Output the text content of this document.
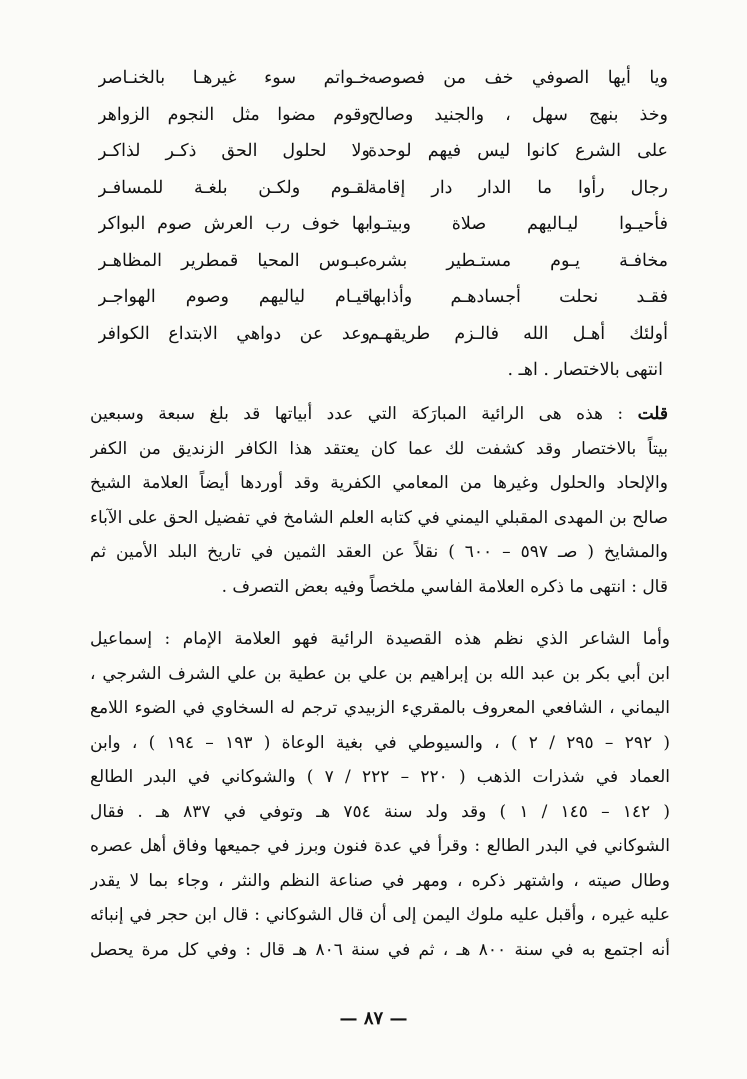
ويا أيها الصوفي خف من فصوصه
وخذ بنهج سهل ، والجنيد وصالح
على الشرع كانوا ليس فيهم لوحدة
رجال رأوا ما الدار دار إقامة
فأحيـوا ليـاليهم صلاة وبيتـوا
مخافـة يـوم مستـطير بشره
فقـد نحلت أجسادهـم وأذابها
أولئك أهـل الله فالـزم طريقهـم
خـواتم سوء غيرهـا بالخنـاصر
وقوم مضوا مثل النجوم الزواهر
ولا لحلول الحق ذكـر لذاكـر
لقـوم ولكـن بلغـة للمسافـر
بها خوف رب العرش صوم البواكر
عبـوس المحيا قمطرير المظاهـر
قيـام لياليهم وصوم الهواجـر
وعد عن دواهي الابتداع الكوافر
انتهى بالاختصار . اهـ .
قلت : هذه هى الرائية المبارَكة التي عدد أبياتها قد بلغ سبعة وسبعين
بيتاً بالاختصار وقد كشفت لك عما كان يعتقد هذا الكافر الزنديق من الكفر
والإلحاد والحلول وغيرها من المعامي الكفرية وقد أوردها أيضاً العلامة الشيخ
صالح بن المهدى المقبلي اليمني في كتابه العلم الشامخ في تفضيل الحق على الآباء
والمشايخ ( صـ ٥٩٧ – ٦٠٠ ) نقلاً عن العقد الثمين في تاريخ البلد الأمين ثم
قال : انتهى ما ذكره العلامة الفاسي ملخصاً وفيه بعض التصرف .
وأما الشاعر الذي نظم هذه القصيدة الرائية فهو العلامة الإمام : إسماعيل
ابن أبي بكر بن عبد الله بن إبراهيم بن علي بن عطية بن علي الشرف الشرجي ،
اليماني ، الشافعي المعروف بالمقريء الزبيدي ترجم له السخاوي في الضوء اللامع
( ٢٩٢ – ٢٩٥ / ٢ ) ، والسيوطي في بغية الوعاة ( ١٩٣ – ١٩٤ ) ، وابن
العماد في شذرات الذهب ( ٢٢٠ – ٢٢٢ / ٧ ) والشوكاني في البدر الطالع
( ١٤٢ – ١٤٥ / ١ ) وقد ولد سنة ٧٥٤ هـ وتوفي في ٨٣٧ هـ . فقال
الشوكاني في البدر الطالع : وقرأ في عدة فنون وبرز في جميعها وفاق أهل عصره
وطال صيته ، واشتهر ذكره ، ومهر في صناعة النظم والنثر ، وجاء بما لا يقدر
عليه غيره ، وأقبل عليه ملوك اليمن إلى أن قال الشوكاني : قال ابن حجر في إنبائه
أنه اجتمع به في سنة ٨٠٠ هـ ، ثم في سنة ٨٠٦ هـ قال : وفي كل مرة يحصل
— ٨٧ —
